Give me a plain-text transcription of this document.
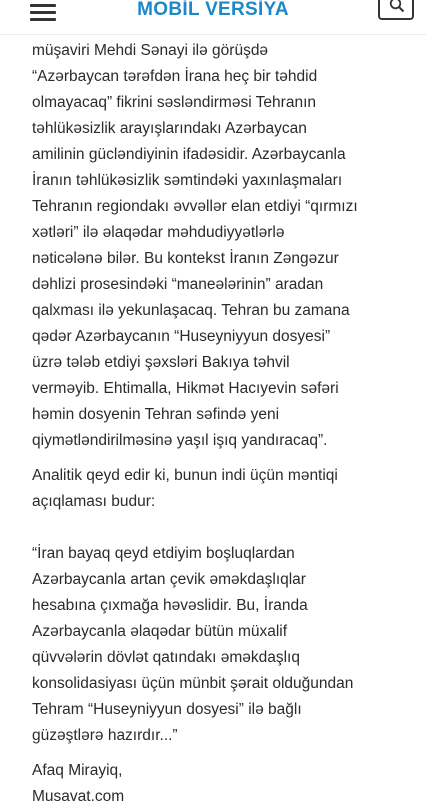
MOBİL VERSİYA

müşaviri Mehdi Sənayi ilə görüşdə
“Azərbaycan tərəfdən İrana heç bir təhdid
olmayacaq” fikrini səsləndirməsi Tehranın
təhlükəsizlik arayışlarındakı Azərbaycan
amilinin gücləndiyinin ifadəsidir. Azərbaycanla
İranın təhlükəsizlik səmtindəki yaxınlaşmaları
Tehranın regiondakı əvvəllər elan etdiyi “qırmızı
xətləri” ilə əlaqədar məhdudiyyətlərlə
nəticələnə bilər. Bu kontekst İranın Zəngəzur
dəhlizi prosesindəki “manеələrinin” aradan
qalxması ilə yekunlaşacaq. Tehran bu zamana
qədər Azərbaycanın “Huseyniyyun dosyesi”
üzrə tələb etdiyi şəxsləri Bakıya təhvil
verməyib. Ehtimalla, Hikmət Hacıyevin səfəri
həmin dosyenin Tehran səfində yeni
qiymətləndirilməsinə yaşıl işıq yandıracaq”.

Analitik qeyd edir ki, bunun indi üçün məntiqi
açıqlaması budur:

“İran bayaq qeyd etdiyim boşluqlardan
Azərbaycanla artan çevik əməkdaşlıqlar
hesabına çıxmağa həvəslidir. Bu, İranda
Azərbaycanla əlaqədar bütün müxalif
qüvvələrin dövlət qatındakı əməkdaşlıq
konsolidasiyası üçün münbit şərait olduğundan
Tehram “Huseyniyyun dosyesi” ilə bağlı
güzəştlərə hazırdır...”

Afaq Mirayiq,
Musavat.com
